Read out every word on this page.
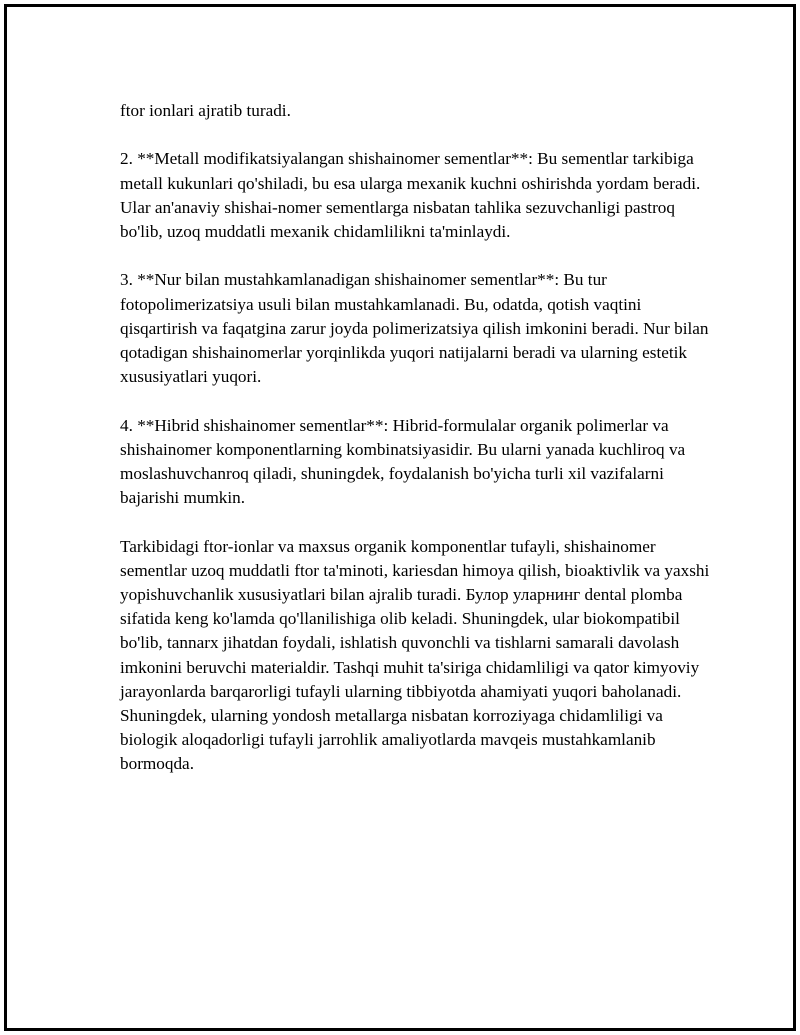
ftor ionlari ajratib turadi.

2. **Metall modifikatsiyalangan shishainomer sementlar**: Bu sementlar tarkibiga metall kukunlari qo'shiladi, bu esa ularga mexanik kuchni oshirishda yordam beradi. Ular an'anaviy shishai-nomer sementlarga nisbatan tahlika sezuvchanligi pastroq bo'lib, uzoq muddatli mexanik chidamlilikni ta'minlaydi.

3. **Nur bilan mustahkamlanadigan shishainomer sementlar**: Bu tur fotopolimerizatsiya usuli bilan mustahkamlanadi. Bu, odatda, qotish vaqtini qisqartirish va faqatgina zarur joyda polimerizatsiya qilish imkonini beradi. Nur bilan qotadigan shishainomerlar yorqinlikda yuqori natijalarni beradi va ularning estetik xususiyatlari yuqori.

4. **Hibrid shishainomer sementlar**: Hibrid-formulalar organik polimerlar va shishainomer komponentlarning kombinatsiyasidir. Bu ularni yanada kuchliroq va moslashuvchanroq qiladi, shuningdek, foydalanish bo'yicha turli xil vazifalarni bajarishi mumkin.

Tarkibidagi ftor-ionlar va maxsus organik komponentlar tufayli, shishainomer sementlar uzoq muddatli ftor ta'minoti, kariesdan himoya qilish, bioaktivlik va yaxshi yopishuvchanlik xususiyatlari bilan ajralib turadi. Булор уларнинг dental plomba sifatida keng ko'lamda qo'llanilishiga olib keladi. Shuningdek, ular biokompatibil bo'lib, tannarx jihatdan foydali, ishlatish quvonchli va tishlarni samarali davolash imkonini beruvchi materialdir. Tashqi muhit ta'siriga chidamliligi va qator kimyoviy jarayonlarda barqarorligi tufayli ularning tibbiyotda ahamiyati yuqori baholanadi. Shuningdek, ularning yondosh metallarga nisbatan korroziyaga chidamliligi va biologik aloqadorligi tufayli jarrohlik amaliyotlarda mavqeis mustahkamlanib bormoqda.
